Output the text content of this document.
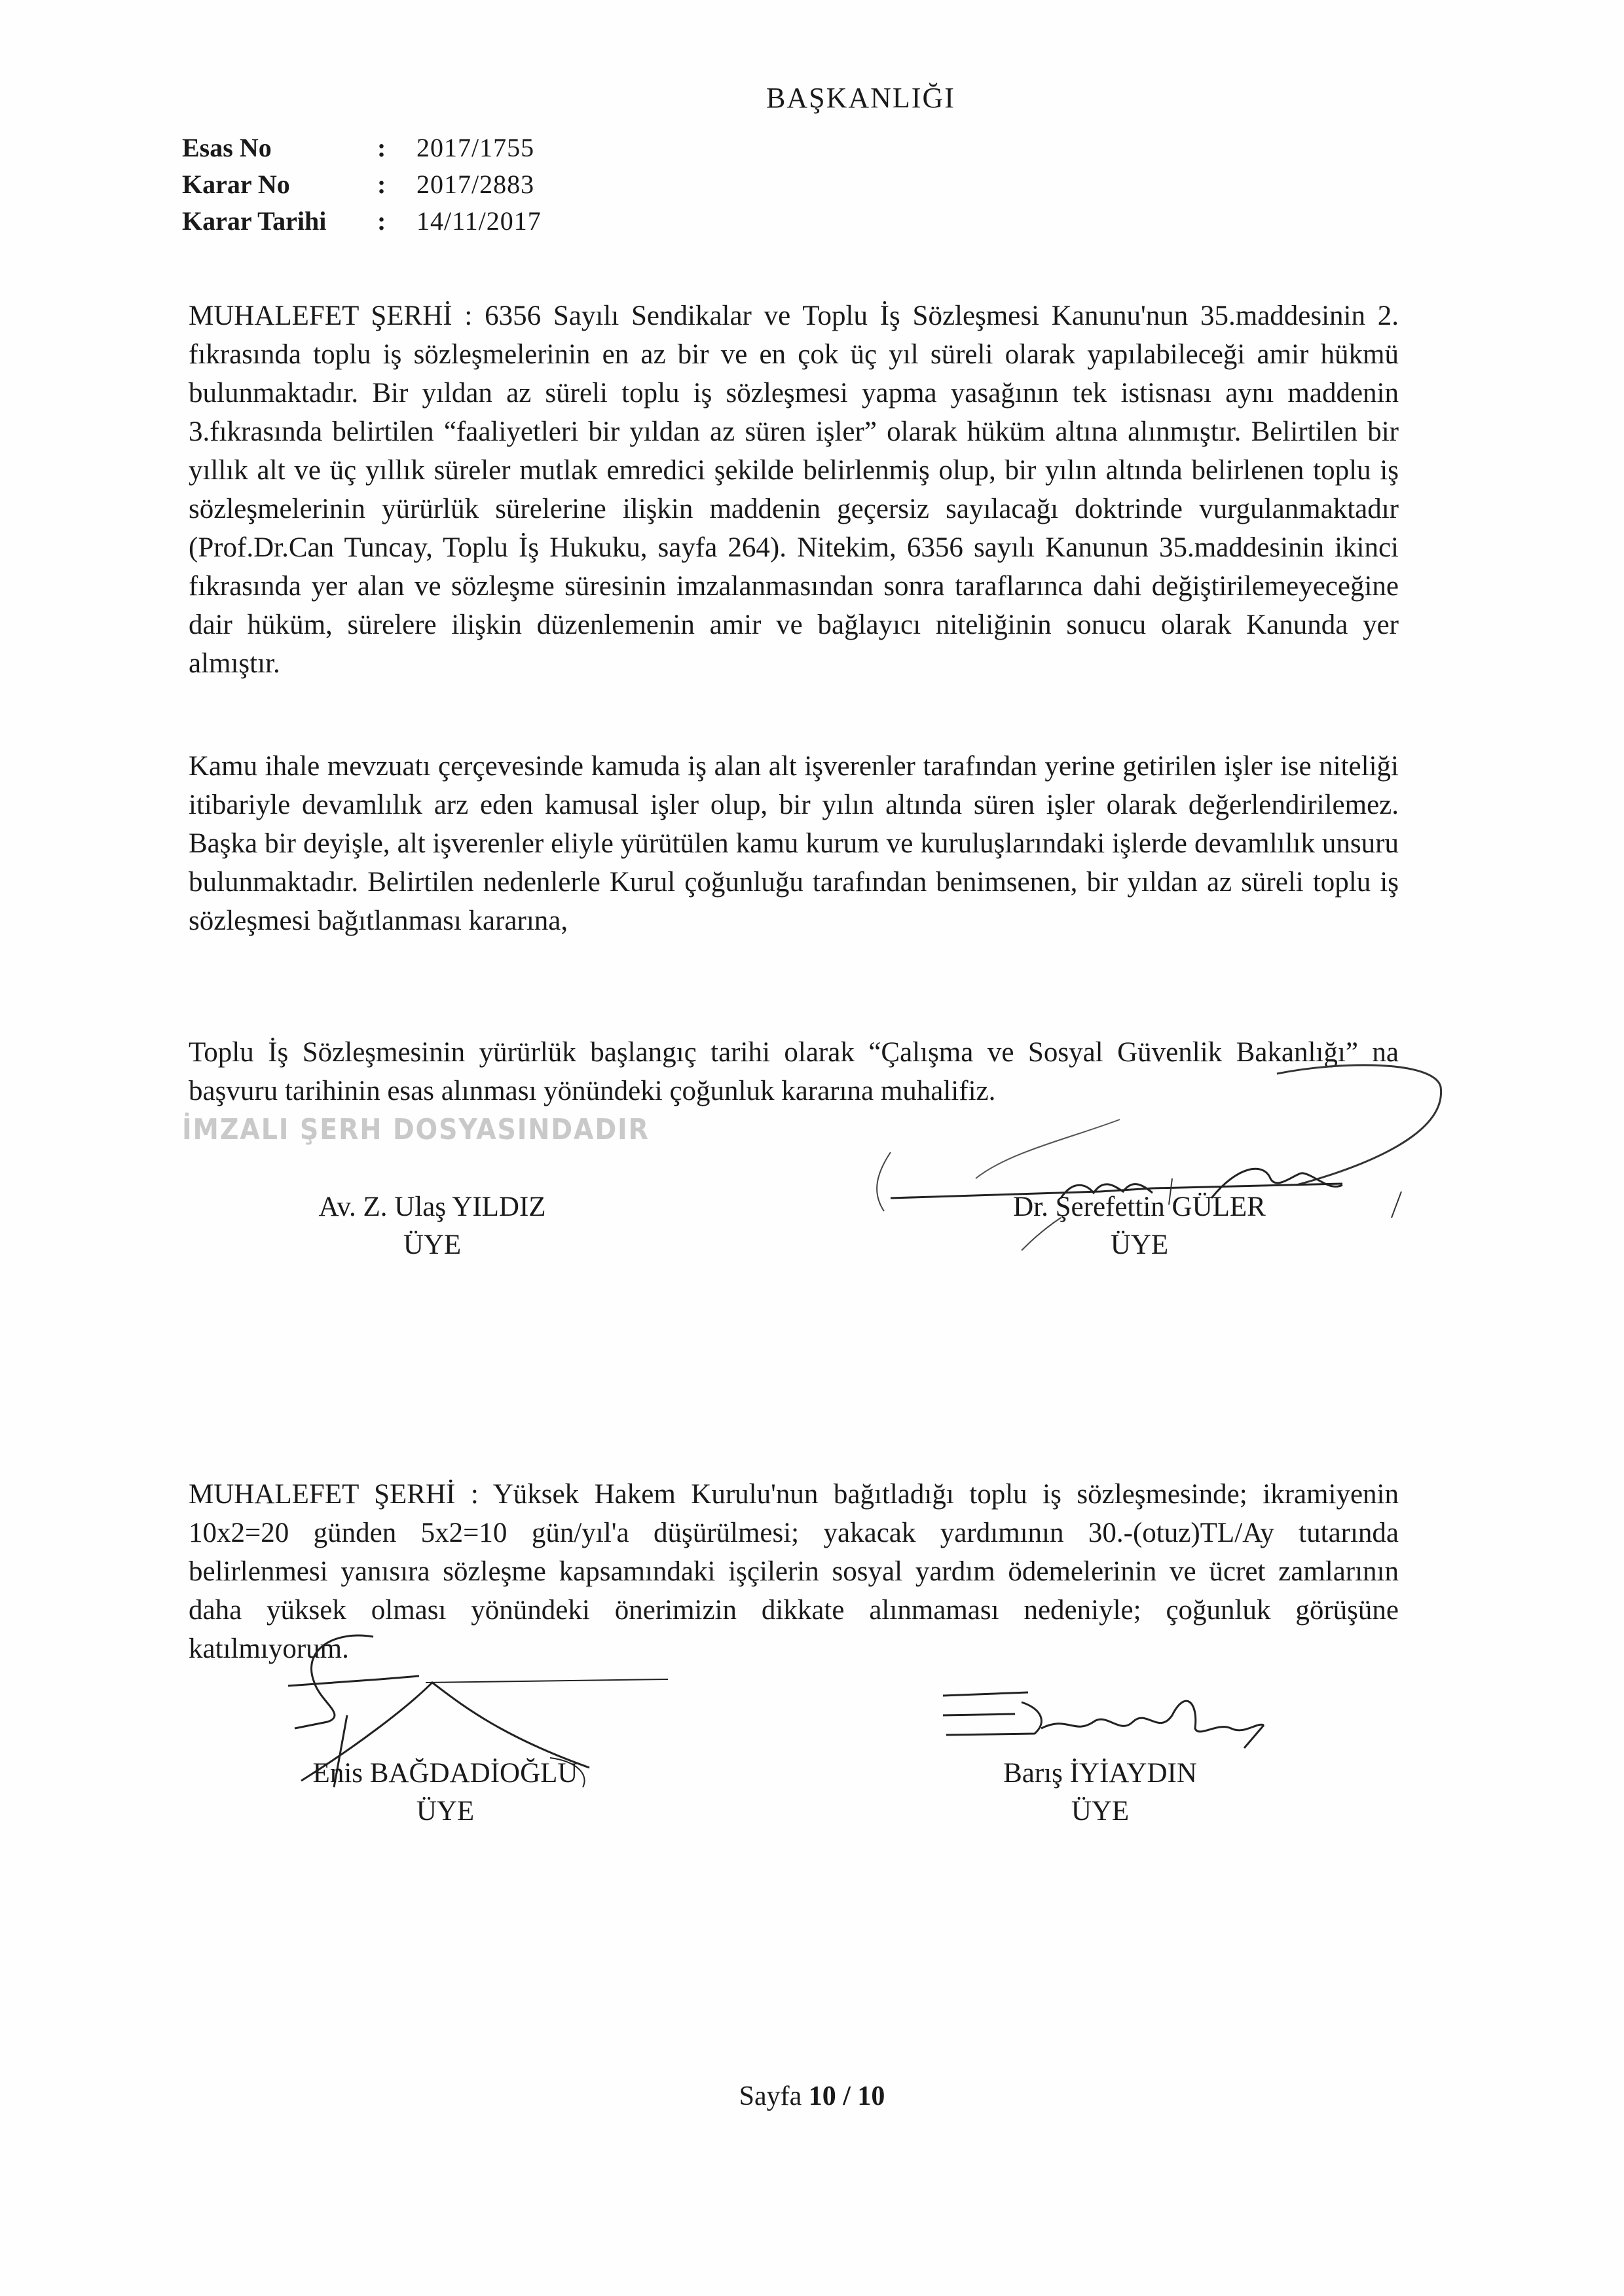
BAŞKANLIĞI
Esas No	:	2017/1755
Karar No	:	2017/2883
Karar Tarihi	:	14/11/2017

MUHALEFET ŞERHİ : 6356 Sayılı Sendikalar ve Toplu İş Sözleşmesi Kanunu'nun 35.maddesinin 2. fıkrasında toplu iş sözleşmelerinin en az bir ve en çok üç yıl süreli olarak yapılabileceği amir hükmü bulunmaktadır. Bir yıldan az süreli toplu iş sözleşmesi yapma yasağının tek istisnası aynı maddenin 3.fıkrasında belirtilen “faaliyetleri bir yıldan az süren işler” olarak hüküm altına alınmıştır. Belirtilen bir yıllık alt ve üç yıllık süreler mutlak emredici şekilde belirlenmiş olup, bir yılın altında belirlenen toplu iş sözleşmelerinin yürürlük sürelerine ilişkin maddenin geçersiz sayılacağı doktrinde vurgulanmaktadır (Prof.Dr.Can Tuncay, Toplu İş Hukuku, sayfa 264). Nitekim, 6356 sayılı Kanunun 35.maddesinin ikinci fıkrasında yer alan ve sözleşme süresinin imzalanmasından sonra taraflarınca dahi değiştirilemeyeceğine dair hüküm, sürelere ilişkin düzenlemenin amir ve bağlayıcı niteliğinin sonucu olarak Kanunda yer almıştır.

Kamu ihale mevzuatı çerçevesinde kamuda iş alan alt işverenler tarafından yerine getirilen işler ise niteliği itibariyle devamlılık arz eden kamusal işler olup, bir yılın altında süren işler olarak değerlendirilemez. Başka bir deyişle, alt işverenler eliyle yürütülen kamu kurum ve kuruluşlarındaki işlerde devamlılık unsuru bulunmaktadır. Belirtilen nedenlerle Kurul çoğunluğu tarafından benimsenen, bir yıldan az süreli toplu iş sözleşmesi bağıtlanması kararına,

Toplu İş Sözleşmesinin yürürlük başlangıç tarihi olarak “Çalışma ve Sosyal Güvenlik Bakanlığı” na başvuru tarihinin esas alınması yönündeki çoğunluk kararına muhalifiz.

İMZALI ŞERH DOSYASINDADIR
Av. Z. Ulaş YILDIZ
ÜYE
Dr. Şerefettin GÜLER
ÜYE

MUHALEFET ŞERHİ : Yüksek Hakem Kurulu'nun bağıtladığı toplu iş sözleşmesinde; ikramiyenin 10x2=20 günden 5x2=10 gün/yıl'a düşürülmesi; yakacak yardımının 30.-(otuz)TL/Ay tutarında belirlenmesi yanısıra sözleşme kapsamındaki işçilerin sosyal yardım ödemelerinin ve ücret zamlarının daha yüksek olması yönündeki önerimizin dikkate alınmaması nedeniyle; çoğunluk görüşüne katılmıyorum.

Enis BAĞDADİOĞLU
ÜYE
Barış İYİAYDIN
ÜYE
Sayfa 10 / 10
